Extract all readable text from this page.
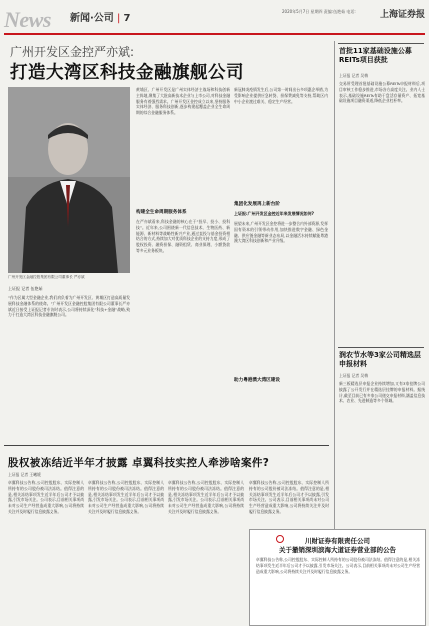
News 新闻·公司 | 7
2020年5月7日 星期四 责编:伍艳茹 电话:	上海证券报
广州开发区金控严亦斌:
打造大湾区科技金融旗舰公司
广州开发区金融控股集团有限公司董事长 严亦斌
上证报 记者 伍艳茹
“作为区属大型金融企业,我们肩负着为广州开发区、黄埔区打造高质量发展科技金融体系的使命。”广州开发区金融控股集团有限公司董事长严亦斌近日接受上证报记者专访时表示,公司将持续深化“科技+金融”战略,致力于打造大湾区科技金融旗舰公司。
黄埔区、广州开发区是广州实体经济主战场和科技创新主阵地,聚集了大批高新技术企业与上市公司,对科技金融服务有着强烈需求。广州开发区金控成立以来,坚持服务实体经济、服务科技创新,逐步构建起覆盖企业全生命周期的综合金融服务体系。
构建全生命周期服务体系
在严亦斌看来,科技金融的核心在于“投早、投小、投科技”。近年来,公司围绕新一代信息技术、生物医药、新能源、新材料等战略性新兴产业,通过直投与基金投资相结合的方式,持续加大对优质科技企业的支持力度,形成了股权投资、融资担保、融资租赁、商业保理、小额贷款等多元业务板块。
新冠肺炎疫情发生后,公司第一时间出台多项惠企举措,为受影响企业提供应急转贷、担保费减免等支持,帮助区内中小企业渡过难关、稳定生产经营。
集团化发展再上新台阶
上证报:广州开发区金控近年来发展情况如何?
展望未来,广州开发区金控将进一步整合内外部资源,发挥国有资本的引领带动作用,加快推进数字金融、绿色金融、供应链金融等新业态布局,以金融活水持续赋能粤港澳大湾区科技创新和产业升级。
助力粤港澳大湾区建设
首批11家基础设施公募REITs项目获批
上证报 记者 吴梅
交易所受理首批基础设施公募REITs申报材料后,项目审核工作稳步推进,市场各方高度关注。业内人士表示,基础设施REITs有助于盘活存量资产、拓宽基础设施项目融资渠道,降低企业杠杆率。
润农节水等3家公司精选层申报材料
上证报 记者 吴梅
新三板精选层申报企业持续增加,又有3家挂牌公司披露了公开发行并在精选层挂牌的申报材料。据统计,截至目前已有多家公司递交申报材料,涵盖信息技术、农业、先进制造等多个领域。
股权被冻结近半年才披露 卓翼科技实控人牵涉啥案件?
上证报 记者 王曦媛
卓翼科技公告称,公司控股股东、实际控制人所持有的公司股份被司法冻结。值得注意的是,相关冻结事项发生近半年后公司才予以披露,引发市场关注。公司表示,目前相关事项尚未对公司生产经营造成重大影响,公司将持续关注并及时履行信息披露义务。
卓翼科技公告称,公司控股股东、实际控制人所持有的公司股份被司法冻结。值得注意的是,相关冻结事项发生近半年后公司才予以披露,引发市场关注。公司表示,目前相关事项尚未对公司生产经营造成重大影响,公司将持续关注并及时履行信息披露义务。
卓翼科技公告称,公司控股股东、实际控制人所持有的公司股份被司法冻结。值得注意的是,相关冻结事项发生近半年后公司才予以披露,引发市场关注。公司表示,目前相关事项尚未对公司生产经营造成重大影响,公司将持续关注并及时履行信息披露义务。
卓翼科技公告称,公司控股股东、实际控制人所持有的公司股份被司法冻结。值得注意的是,相关冻结事项发生近半年后公司才予以披露,引发市场关注。公司表示,目前相关事项尚未对公司生产经营造成重大影响,公司将持续关注并及时履行信息披露义务。
川财证券有限责任公司
关于撤销深圳滨海大道证券营业部的公告
卓翼科技公告称,公司控股股东、实际控制人所持有的公司股份被司法冻结。值得注意的是,相关冻结事项发生近半年后公司才予以披露,引发市场关注。公司表示,目前相关事项尚未对公司生产经营造成重大影响,公司将持续关注并及时履行信息披露义务。
